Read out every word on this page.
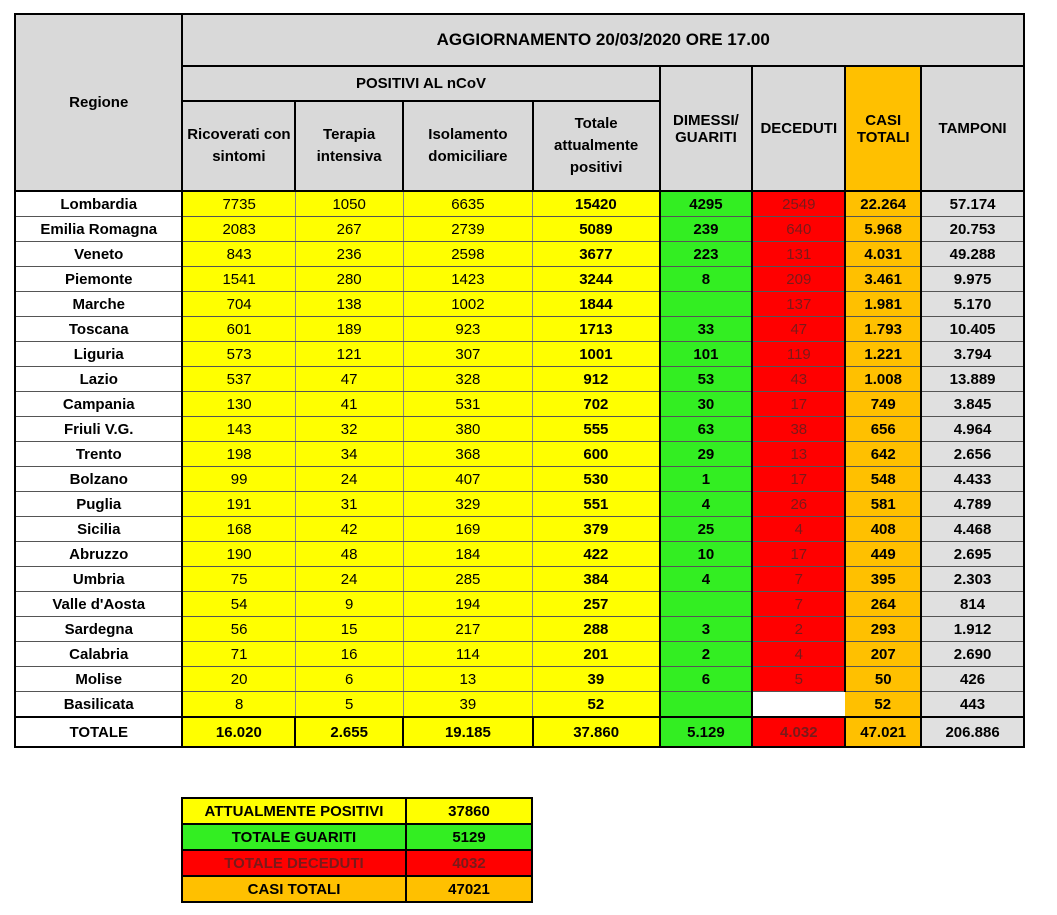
Regione	AGGIORNAMENTO 20/03/2020 ORE 17.00							
	POSITIVI AL nCoV				DIMESSI/ GUARITI	DECEDUTI	CASI TOTALI	TAMPONI
	Ricoverati con sintomi	Terapia intensiva	Isolamento domiciliare	Totale attualmente positivi				
Lombardia	7735	1050	6635	15420	4295	2549	22.264	57.174
Emilia Romagna	2083	267	2739	5089	239	640	5.968	20.753
Veneto	843	236	2598	3677	223	131	4.031	49.288
Piemonte	1541	280	1423	3244	8	209	3.461	9.975
Marche	704	138	1002	1844		137	1.981	5.170
Toscana	601	189	923	1713	33	47	1.793	10.405
Liguria	573	121	307	1001	101	119	1.221	3.794
Lazio	537	47	328	912	53	43	1.008	13.889
Campania	130	41	531	702	30	17	749	3.845
Friuli V.G.	143	32	380	555	63	38	656	4.964
Trento	198	34	368	600	29	13	642	2.656
Bolzano	99	24	407	530	1	17	548	4.433
Puglia	191	31	329	551	4	26	581	4.789
Sicilia	168	42	169	379	25	4	408	4.468
Abruzzo	190	48	184	422	10	17	449	2.695
Umbria	75	24	285	384	4	7	395	2.303
Valle d'Aosta	54	9	194	257		7	264	814
Sardegna	56	15	217	288	3	2	293	1.912
Calabria	71	16	114	201	2	4	207	2.690
Molise	20	6	13	39	6	5	50	426
Basilicata	8	5	39	52			52	443
TOTALE	16.020	2.655	19.185	37.860	5.129	4.032	47.021	206.886
ATTUALMENTE POSITIVI	37860
TOTALE GUARITI	5129
TOTALE DECEDUTI	4032
CASI TOTALI	47021
